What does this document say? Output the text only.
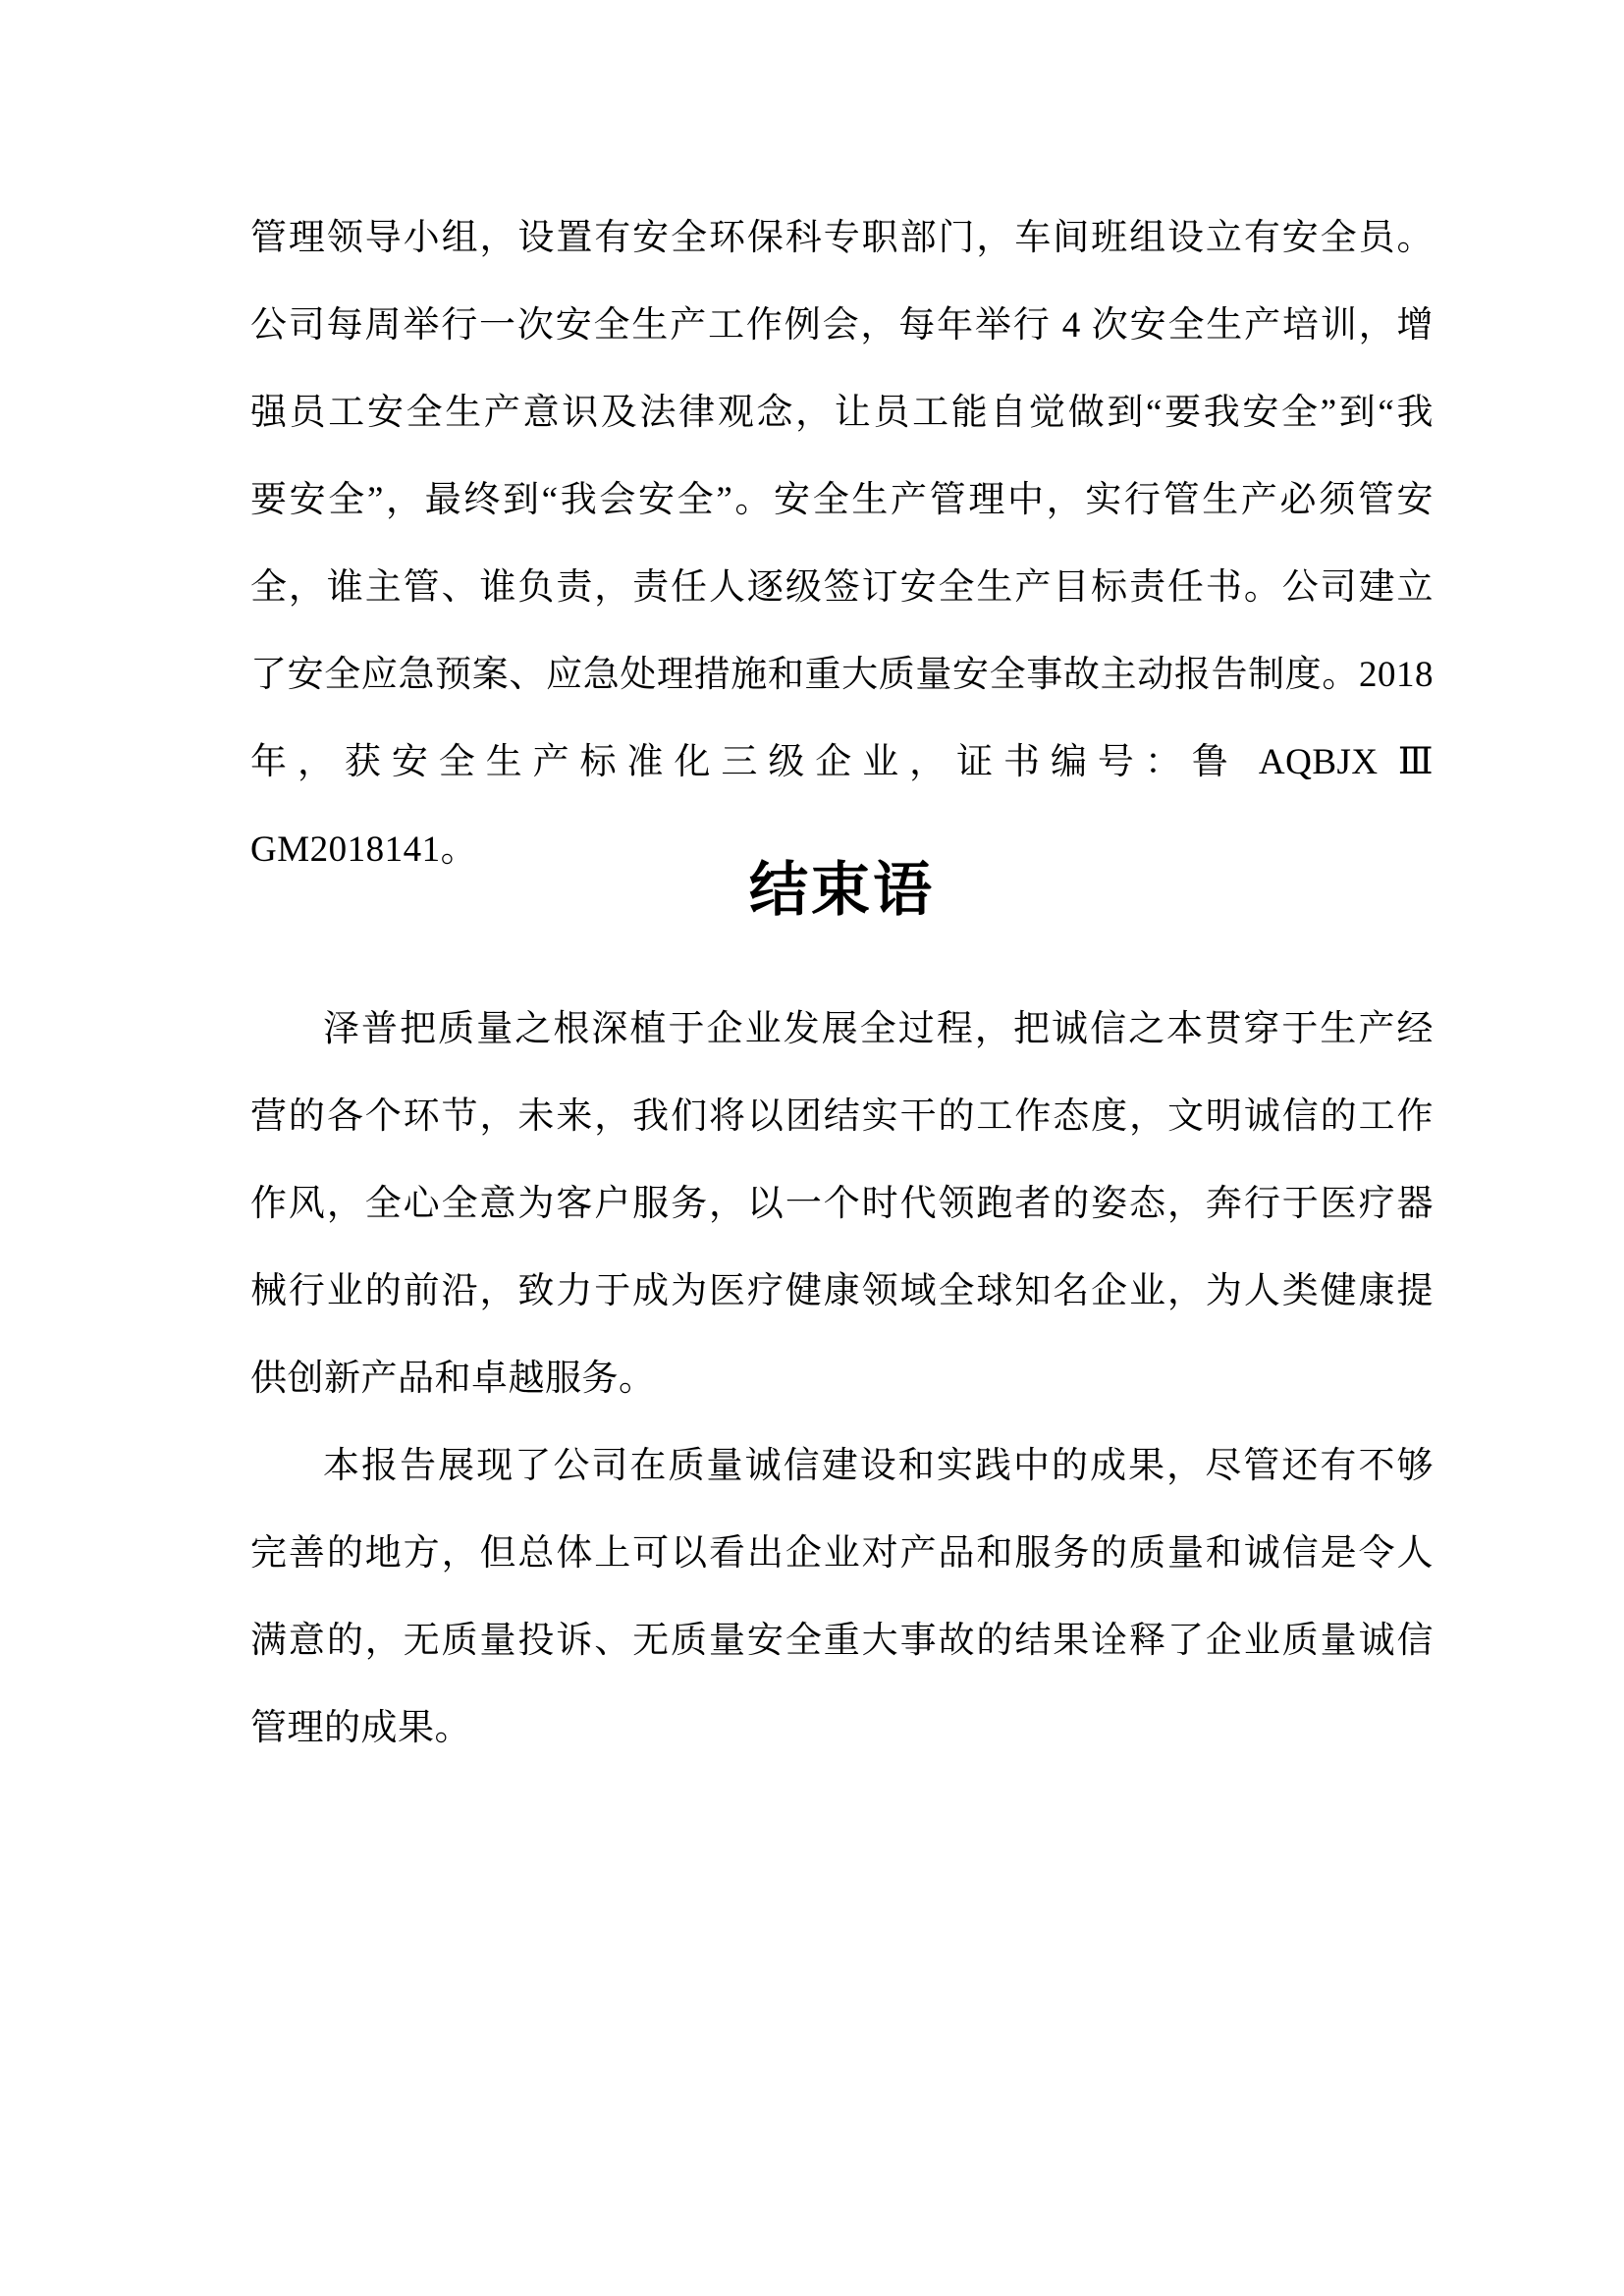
管理领导小组，设置有安全环保科专职部门，车间班组设立有安全员。
公司每周举行一次安全生产工作例会，每年举行 4 次安全生产培训，增
强员工安全生产意识及法律观念，让员工能自觉做到“要我安全”到“我
要安全”，最终到“我会安全”。安全生产管理中，实行管生产必须管安
全，谁主管、谁负责，责任人逐级签订安全生产目标责任书。公司建立
了安全应急预案、应急处理措施和重大质量安全事故主动报告制度。2018
年，获安全生产标准化三级企业，证书编号：鲁 AQBJX Ⅲ GM2018141。
结束语
泽普把质量之根深植于企业发展全过程，把诚信之本贯穿于生产经
营的各个环节，未来，我们将以团结实干的工作态度，文明诚信的工作
作风，全心全意为客户服务，以一个时代领跑者的姿态，奔行于医疗器
械行业的前沿，致力于成为医疗健康领域全球知名企业，为人类健康提
供创新产品和卓越服务。
本报告展现了公司在质量诚信建设和实践中的成果，尽管还有不够
完善的地方，但总体上可以看出企业对产品和服务的质量和诚信是令人
满意的，无质量投诉、无质量安全重大事故的结果诠释了企业质量诚信
管理的成果。
